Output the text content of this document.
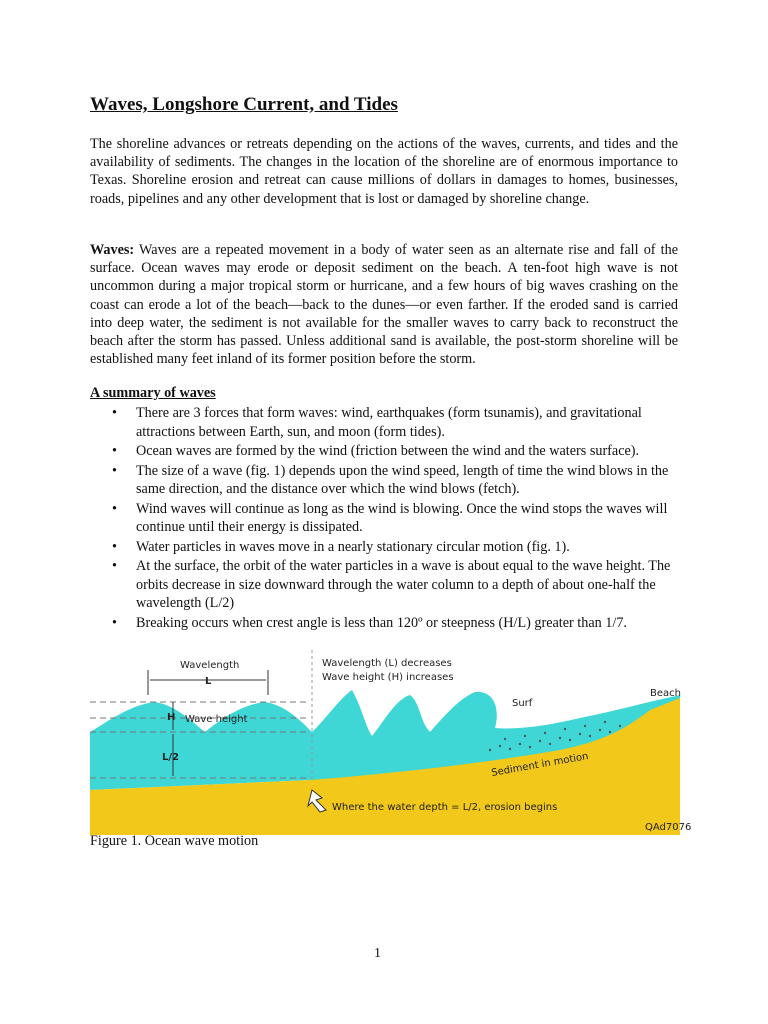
Waves, Longshore Current, and Tides

The shoreline advances or retreats depending on the actions of the waves, currents, and tides and the availability of sediments. The changes in the location of the shoreline are of enormous importance to Texas. Shoreline erosion and retreat can cause millions of dollars in damages to homes, businesses, roads, pipelines and any other development that is lost or damaged by shoreline change.

Waves: Waves are a repeated movement in a body of water seen as an alternate rise and fall of the surface. Ocean waves may erode or deposit sediment on the beach. A ten-foot high wave is not uncommon during a major tropical storm or hurricane, and a few hours of big waves crashing on the coast can erode a lot of the beach—back to the dunes—or even farther. If the eroded sand is carried into deep water, the sediment is not available for the smaller waves to carry back to reconstruct the beach after the storm has passed. Unless additional sand is available, the post-storm shoreline will be established many feet inland of its former position before the storm.

A summary of waves
• There are 3 forces that form waves: wind, earthquakes (form tsunamis), and gravitational attractions between Earth, sun, and moon (form tides).
• Ocean waves are formed by the wind (friction between the wind and the waters surface).
• The size of a wave (fig. 1) depends upon the wind speed, length of time the wind blows in the same direction, and the distance over which the wind blows (fetch).
• Wind waves will continue as long as the wind is blowing. Once the wind stops the waves will continue until their energy is dissipated.
• Water particles in waves move in a nearly stationary circular motion (fig. 1).
• At the surface, the orbit of the water particles in a wave is about equal to the wave height. The orbits decrease in size downward through the water column to a depth of about one-half the wavelength (L/2)
• Breaking occurs when crest angle is less than 120º or steepness (H/L) greater than 1/7.
Wavelength
L
H Wave height
L/2
Wavelength (L) decreases
Wave height (H) increases
Surf
Beach
Sediment in motion
Where the water depth = L/2, erosion begins
QAd7076

Figure 1. Ocean wave motion

1
